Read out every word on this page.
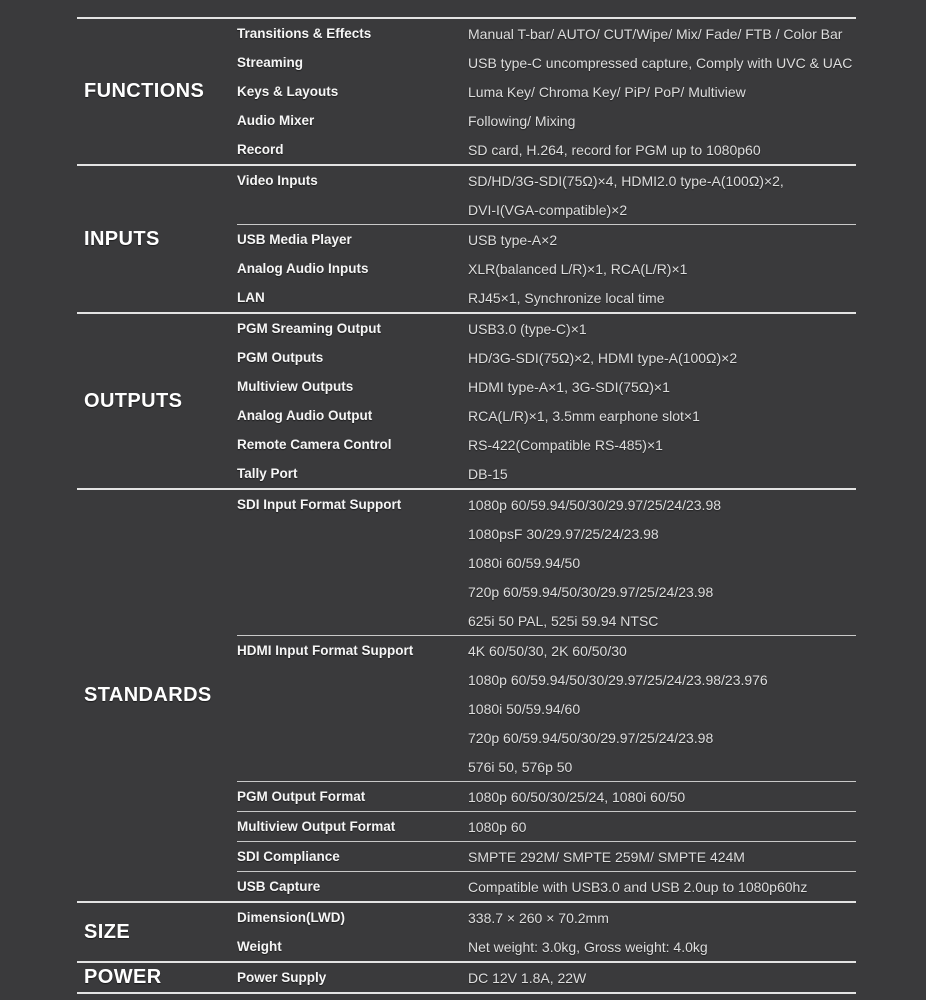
FUNCTIONS
Transitions & Effects	Manual T-bar/ AUTO/ CUT/Wipe/ Mix/ Fade/ FTB / Color Bar
Streaming	USB type-C uncompressed capture, Comply with UVC & UAC
Keys & Layouts	Luma Key/ Chroma Key/ PiP/ PoP/ Multiview
Audio Mixer	Following/ Mixing
Record	SD card, H.264, record for PGM up to 1080p60
INPUTS
Video Inputs	SD/HD/3G-SDI(75Ω)×4, HDMI2.0 type-A(100Ω)×2,
DVI-I(VGA-compatible)×2
USB Media Player	USB type-A×2
Analog Audio Inputs	XLR(balanced L/R)×1, RCA(L/R)×1
LAN	RJ45×1, Synchronize local time
OUTPUTS
PGM Sreaming Output	USB3.0 (type-C)×1
PGM Outputs	HD/3G-SDI(75Ω)×2, HDMI type-A(100Ω)×2
Multiview Outputs	HDMI type-A×1, 3G-SDI(75Ω)×1
Analog Audio Output	RCA(L/R)×1, 3.5mm earphone slot×1
Remote Camera Control	RS-422(Compatible RS-485)×1
Tally Port	DB-15
STANDARDS
SDI Input Format Support	1080p 60/59.94/50/30/29.97/25/24/23.98
1080psF 30/29.97/25/24/23.98
1080i 60/59.94/50
720p 60/59.94/50/30/29.97/25/24/23.98
625i 50 PAL, 525i 59.94 NTSC
HDMI Input Format Support	4K 60/50/30, 2K 60/50/30
1080p 60/59.94/50/30/29.97/25/24/23.98/23.976
1080i 50/59.94/60
720p 60/59.94/50/30/29.97/25/24/23.98
576i 50, 576p 50
PGM Output Format	1080p 60/50/30/25/24, 1080i 60/50
Multiview Output Format	1080p 60
SDI Compliance	SMPTE 292M/ SMPTE 259M/ SMPTE 424M
USB Capture	Compatible with USB3.0 and USB 2.0up to 1080p60hz
SIZE
Dimension(LWD)	338.7 × 260 × 70.2mm
Weight	Net weight: 3.0kg, Gross weight: 4.0kg
POWER	Power Supply	DC 12V 1.8A, 22W
